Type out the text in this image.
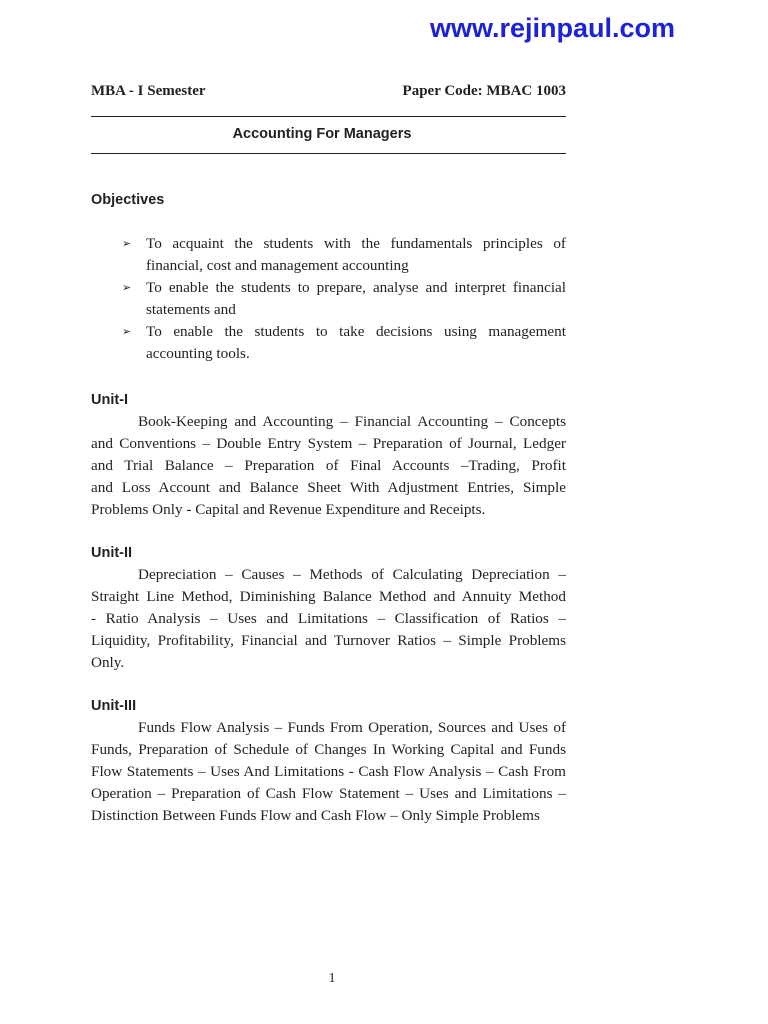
www.rejinpaul.com
MBA - I Semester	Paper Code: MBAC 1003
Accounting For Managers
Objectives
➢
To acquaint the students with the fundamentals principles of
financial, cost and management accounting
➢
To enable the students to prepare, analyse and interpret financial
statements and
➢
To enable the students to take decisions using management
accounting tools.
Unit-I
Book-Keeping and Accounting – Financial Accounting – Concepts
and Conventions – Double Entry System – Preparation of Journal, Ledger
and Trial Balance – Preparation of Final Accounts –Trading, Profit
and Loss Account and Balance Sheet With Adjustment Entries, Simple
Problems Only - Capital and Revenue Expenditure and Receipts.
Unit-II
Depreciation – Causes – Methods of Calculating Depreciation –
Straight Line Method, Diminishing Balance Method and Annuity Method
- Ratio Analysis – Uses and Limitations – Classification of Ratios –
Liquidity, Profitability, Financial and Turnover Ratios – Simple Problems
Only.
Unit-III
Funds Flow Analysis – Funds From Operation, Sources and Uses of
Funds, Preparation of Schedule of Changes In Working Capital and Funds
Flow Statements – Uses And Limitations - Cash Flow Analysis – Cash From
Operation – Preparation of Cash Flow Statement – Uses and Limitations –
Distinction Between Funds Flow and Cash Flow – Only Simple Problems
1
